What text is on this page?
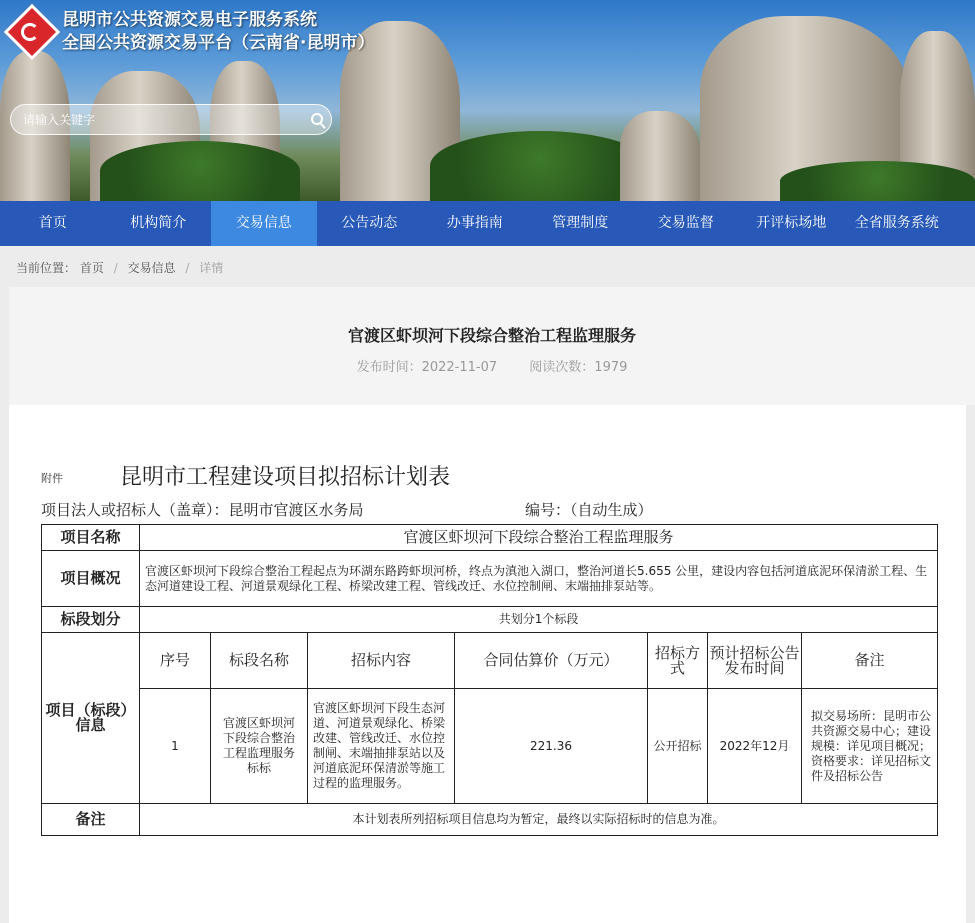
昆明市公共资源交易电子服务系统
全国公共资源交易平台（云南省·昆明市）
请输入关键字
首页	机构简介	交易信息	公告动态	办事指南	管理制度	交易监督	开评标场地	全省服务系统
当前位置： 首页 / 交易信息 / 详情
官渡区虾坝河下段综合整治工程监理服务
发布时间：2022-11-07 阅读次数：1979
附件	昆明市工程建设项目拟招标计划表
项目法人或招标人（盖章）：昆明市官渡区水务局	编号：（自动生成）
项目名称	官渡区虾坝河下段综合整治工程监理服务						
项目概况	官渡区虾坝河下段综合整治工程起点为环湖东路跨虾坝河桥，终点为滇池入湖口，整治河道长5.655 公里，建设内容包括河道底泥环保清淤工程、生态河道建设工程、河道景观绿化工程、桥梁改建工程、管线改迁、水位控制闸、末端抽排泵站等。						
标段划分	共划分1个标段						
项目（标段）信息	序号	标段名称	招标内容	合同估算价（万元）	招标方式	预计招标公告发布时间	备注
	1	官渡区虾坝河下段综合整治工程监理服务标标	官渡区虾坝河下段生态河道、河道景观绿化、桥梁改建、管线改迁、水位控制闸、末端抽排泵站以及河道底泥环保清淤等施工过程的监理服务。	221.36	公开招标	2022年12月	拟交易场所：昆明市公共资源交易中心；建设规模：详见项目概况；资格要求：详见招标文件及招标公告
备注	本计划表所列招标项目信息均为暂定，最终以实际招标时的信息为准。						
